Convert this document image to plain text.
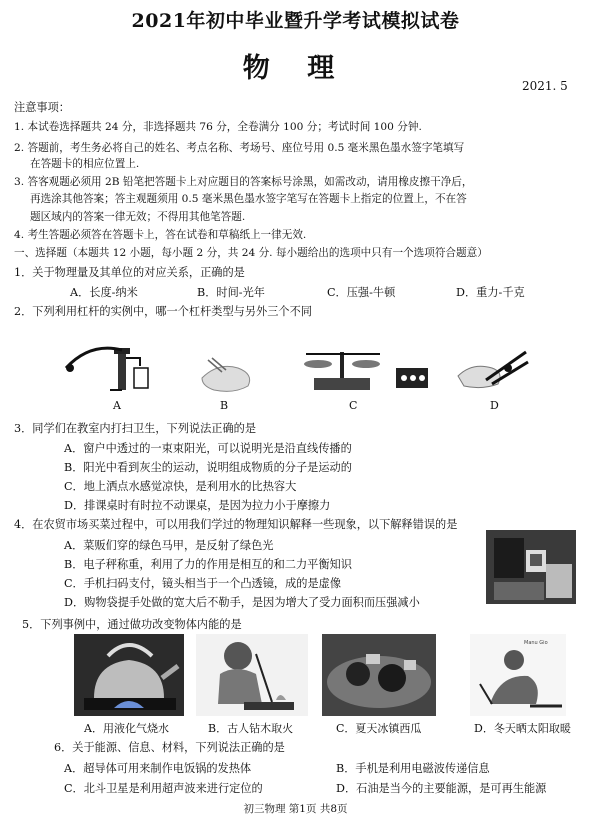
2021年初中毕业暨升学考试模拟试卷
物 理
2021. 5
注意事项：
1. 本试卷选择题共 24 分，非选择题共 76 分，全卷满分 100 分；考试时间 100 分钟.
2. 答题前，考生务必将自己的姓名、考点名称、考场号、座位号用 0.5 毫米黑色墨水签字笔填写
在答题卡的相应位置上.
3. 答客观题必须用 2B 铅笔把答题卡上对应题目的答案标号涂黑，如需改动，请用橡皮擦干净后，
再选涂其他答案；答主观题须用 0.5 毫米黑色墨水签字笔写在答题卡上指定的位置上，不在答
题区域内的答案一律无效；不得用其他笔答题.
4. 考生答题必须答在答题卡上，答在试卷和草稿纸上一律无效.
一、选择题（本题共 12 小题，每小题 2 分，共 24 分. 每小题给出的选项中只有一个选项符合题意）
1．关于物理量及其单位的对应关系，正确的是
A．长度-纳米	B．时间-光年	C．压强-牛顿	D．重力-千克
2．下列利用杠杆的实例中，哪一个杠杆类型与另外三个不同
A	B	C	D
3．同学们在教室内打扫卫生，下列说法正确的是
A．窗户中透过的一束束阳光，可以说明光是沿直线传播的
B．阳光中看到灰尘的运动，说明组成物质的分子是运动的
C．地上洒点水感觉凉快，是利用水的比热容大
D．排课桌时有时拉不动课桌，是因为拉力小于摩擦力
4．在农贸市场买菜过程中，可以用我们学过的物理知识解释一些现象，以下解释错误的是
A．菜贩们穿的绿色马甲，是反射了绿色光
B．电子秤称重，利用了力的作用是相互的和二力平衡知识
C．手机扫码支付，镜头相当于一个凸透镜，成的是虚像
D．购物袋提手处做的宽大后不勒手，是因为增大了受力面积而压强减小
5．下列事例中，通过做功改变物体内能的是
Manu Gio
A．用液化气烧水	B．古人钻木取火	C．夏天冰镇西瓜	D．冬天晒太阳取暖
6．关于能源、信息、材料，下列说法正确的是
A．超导体可用来制作电饭锅的发热体	B．手机是利用电磁波传递信息
C．北斗卫星是利用超声波来进行定位的	D．石油是当今的主要能源，是可再生能源
初三物理 第1页 共8页
